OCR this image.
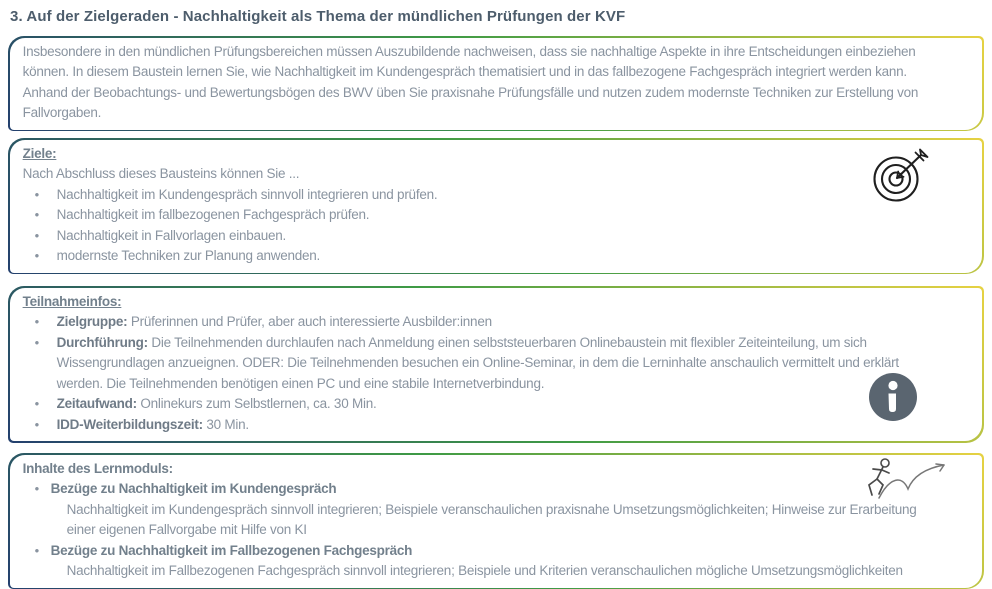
3. Auf der Zielgeraden - Nachhaltigkeit als Thema der mündlichen Prüfungen der KVF

Insbesondere in den mündlichen Prüfungsbereichen müssen Auszubildende nachweisen, dass sie nachhaltige Aspekte in ihre Entscheidungen einbeziehen können. In diesem Baustein lernen Sie, wie Nachhaltigkeit im Kundengespräch thematisiert und in das fallbezogene Fachgespräch integriert werden kann. Anhand der Beobachtungs- und Bewertungsbögen des BWV üben Sie praxisnahe Prüfungsfälle und nutzen zudem modernste Techniken zur Erstellung von Fallvorgaben.

Ziele:

Nach Abschluss dieses Bausteins können Sie ...

• Nachhaltigkeit im Kundengespräch sinnvoll integrieren und prüfen.
• Nachhaltigkeit im fallbezogenen Fachgespräch prüfen.
• Nachhaltigkeit in Fallvorlagen einbauen.
• modernste Techniken zur Planung anwenden.
Teilnahmeinfos:
• Zielgruppe: Prüferinnen und Prüfer, aber auch interessierte Ausbilder:innen
• Durchführung: Die Teilnehmenden durchlaufen nach Anmeldung einen selbststeuerbaren Onlinebaustein mit flexibler Zeiteinteilung, um sich Wissengrundlagen anzueignen. ODER: Die Teilnehmenden besuchen ein Online-Seminar, in dem die Lerninhalte anschaulich vermittelt und erklärt werden. Die Teilnehmenden benötigen einen PC und eine stabile Internetverbindung.
• Zeitaufwand: Onlinekurs zum Selbstlernen, ca. 30 Min.
• IDD-Weiterbildungszeit: 30 Min.
Inhalte des Lernmoduls:
• Bezüge zu Nachhaltigkeit im Kundengespräch

Nachhaltigkeit im Kundengespräch sinnvoll integrieren; Beispiele veranschaulichen praxisnahe Umsetzungsmöglichkeiten; Hinweise zur Erarbeitung einer eigenen Fallvorgabe mit Hilfe von KI

• Bezüge zu Nachhaltigkeit im Fallbezogenen Fachgespräch

Nachhaltigkeit im Fallbezogenen Fachgespräch sinnvoll integrieren; Beispiele und Kriterien veranschaulichen mögliche Umsetzungsmöglichkeiten
